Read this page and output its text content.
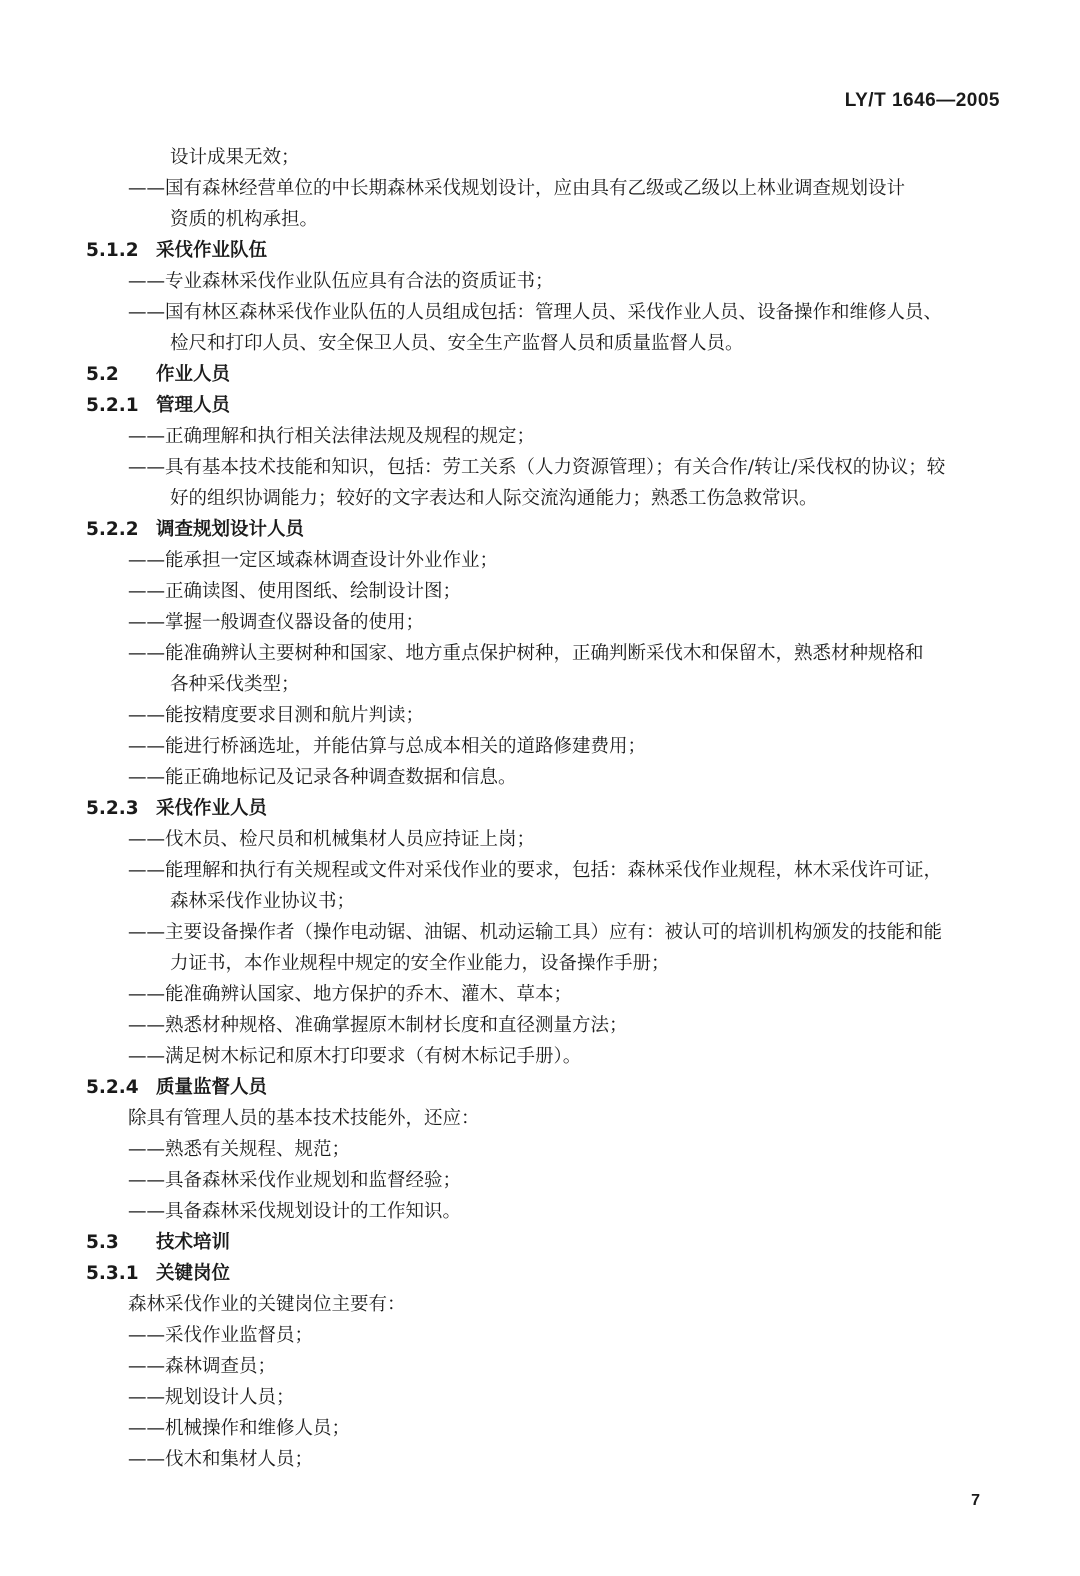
LY/T 1646—2005
设计成果无效；
——国有森林经营单位的中长期森林采伐规划设计，应由具有乙级或乙级以上林业调查规划设计
资质的机构承担。
5.1.2 采伐作业队伍
——专业森林采伐作业队伍应具有合法的资质证书；
——国有林区森林采伐作业队伍的人员组成包括：管理人员、采伐作业人员、设备操作和维修人员、
检尺和打印人员、安全保卫人员、安全生产监督人员和质量监督人员。
5.2 作业人员
5.2.1 管理人员
——正确理解和执行相关法律法规及规程的规定；
——具有基本技术技能和知识，包括：劳工关系（人力资源管理）；有关合作/转让/采伐权的协议；较
好的组织协调能力；较好的文字表达和人际交流沟通能力；熟悉工伤急救常识。
5.2.2 调查规划设计人员
——能承担一定区域森林调查设计外业作业；
——正确读图、使用图纸、绘制设计图；
——掌握一般调查仪器设备的使用；
——能准确辨认主要树种和国家、地方重点保护树种，正确判断采伐木和保留木，熟悉材种规格和
各种采伐类型；
——能按精度要求目测和航片判读；
——能进行桥涵选址，并能估算与总成本相关的道路修建费用；
——能正确地标记及记录各种调查数据和信息。
5.2.3 采伐作业人员
——伐木员、检尺员和机械集材人员应持证上岗；
——能理解和执行有关规程或文件对采伐作业的要求，包括：森林采伐作业规程，林木采伐许可证，
森林采伐作业协议书；
——主要设备操作者（操作电动锯、油锯、机动运输工具）应有：被认可的培训机构颁发的技能和能
力证书，本作业规程中规定的安全作业能力，设备操作手册；
——能准确辨认国家、地方保护的乔木、灌木、草本；
——熟悉材种规格、准确掌握原木制材长度和直径测量方法；
——满足树木标记和原木打印要求（有树木标记手册）。
5.2.4 质量监督人员
除具有管理人员的基本技术技能外，还应：
——熟悉有关规程、规范；
——具备森林采伐作业规划和监督经验；
——具备森林采伐规划设计的工作知识。
5.3 技术培训
5.3.1 关键岗位
森林采伐作业的关键岗位主要有：
——采伐作业监督员；
——森林调查员；
——规划设计人员；
——机械操作和维修人员；
——伐木和集材人员；
7
